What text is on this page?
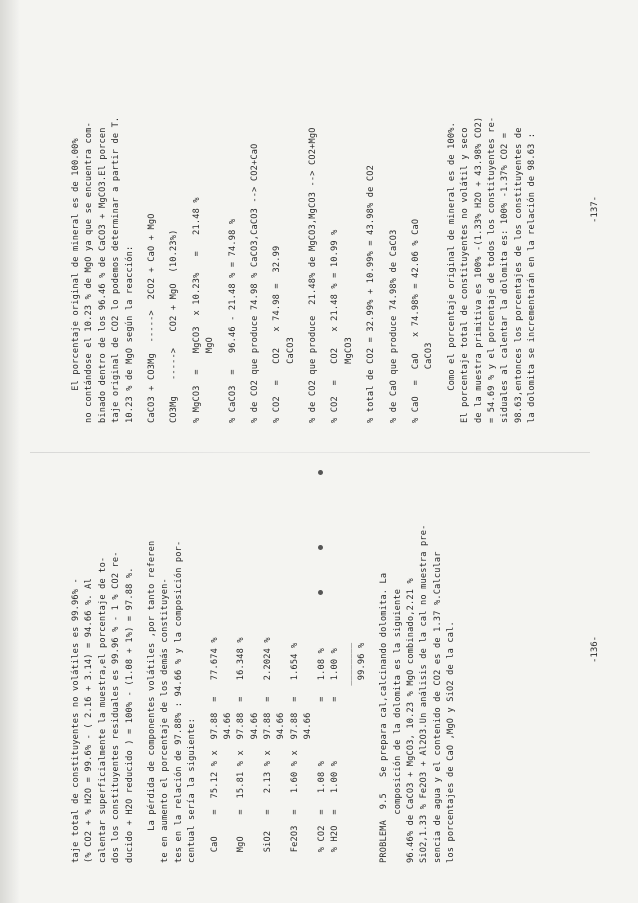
taje total de constituyentes no volátiles es 99.96% - (% CO2 + % H2O = 99.6% - ( 2.16 + 3.14) = 94.66 %. Al calentar superficialmente la muestra,el porcentaje de to- dos los constituyentes residuales es 99.96 % - 1 % CO2 re- ducido + H2O reducido ) = 100% - (1.08 + 1%) = 97.88 %. La pérdida de componentes volátiles ,por tanto referen te en aumento el porcentaje de los demás constituyen- tes en la relación de 97.88% : 94.66 % y la composición por- centual sería la siguiente: CaO    =  75.12 % x  97.88  =   77.674 % 94.66 MgO    =  15.81 % x  97.88  =   16.348 % 94.66 SiO2   =   2.13 % x  97.88  =   2.2024 % 94.66 Fe2O3  =   1.60 % x  97.88  =   1.654 % 94.66 % CO2  =   1.08 %           =   1.08 % % H2O  =   1.00 %           =   1.00 % ________ 99.96 % PROBLEMA  9.5   Se prepara cal,calcinando dolomita. La composición de la dolomita es la siguiente 96.46% de CaCO3 + MgCO3, 10.23 % MgO combinado,2.21 % SiO2,1.33 % Fe2O3 + Al2O3.Un análisis de la cal no muestra pre- sencia de agua y el contenido de CO2 es de 1.37 %.Calcular los porcentajes de CaO ,MgO y SiO2 de la cal.
El porcentaje original de mineral es de 100.00% no contándose el 10.23 % de MgO ya que se encuentra com- binado dentro de los 96.46 % de CaCO3 + MgCO3.El porcen taje original de CO2 lo podemos determinar a partir de T. 10.23 % de MgO según la reacción: CaCO3 + CO3Mg  ----->  2CO2 + CaO + MgO CO3Mg   ----->   CO2 + MgO  (10.23%) % MgCO3  =   MgCO3  x 10.23%   =   21.48 % MgO % CaCO3  =   96.46 - 21.48 % = 74.98 % % de CO2 que produce 74.98 % CaCO3,CaCO3 --> CO2+CaO % CO2  =   CO2   x 74.98 =  32.99 CaCO3 % de CO2 que produce  21.48% de MgCO3,MgCO3 --> CO2+MgO % CO2  =   CO2   x 21.48 % = 10.99 % MgCO3 % total de CO2 = 32.99% + 10.99% = 43.98% de CO2 % de CaO que produce 74.98% de CaCO3 % CaO  =  CaO   x 74.98% = 42.06 % CaO CaCO3 Como el porcentaje original de mineral es de 100%. El porcentaje total de constituyentes no volátil y seco de la muestra primitiva es 100% -(1.33% H2O + 43.98% CO2) = 54.69 % y el porcentaje de todos los constituyentes re- siduales al calentar la dolomita es: 100% -1.37% CO2 = 98.63,entonces los porcentajes de los constituyentes de la dolomita se incrementarán en la relación de 98.63 :
-136-
-137-
